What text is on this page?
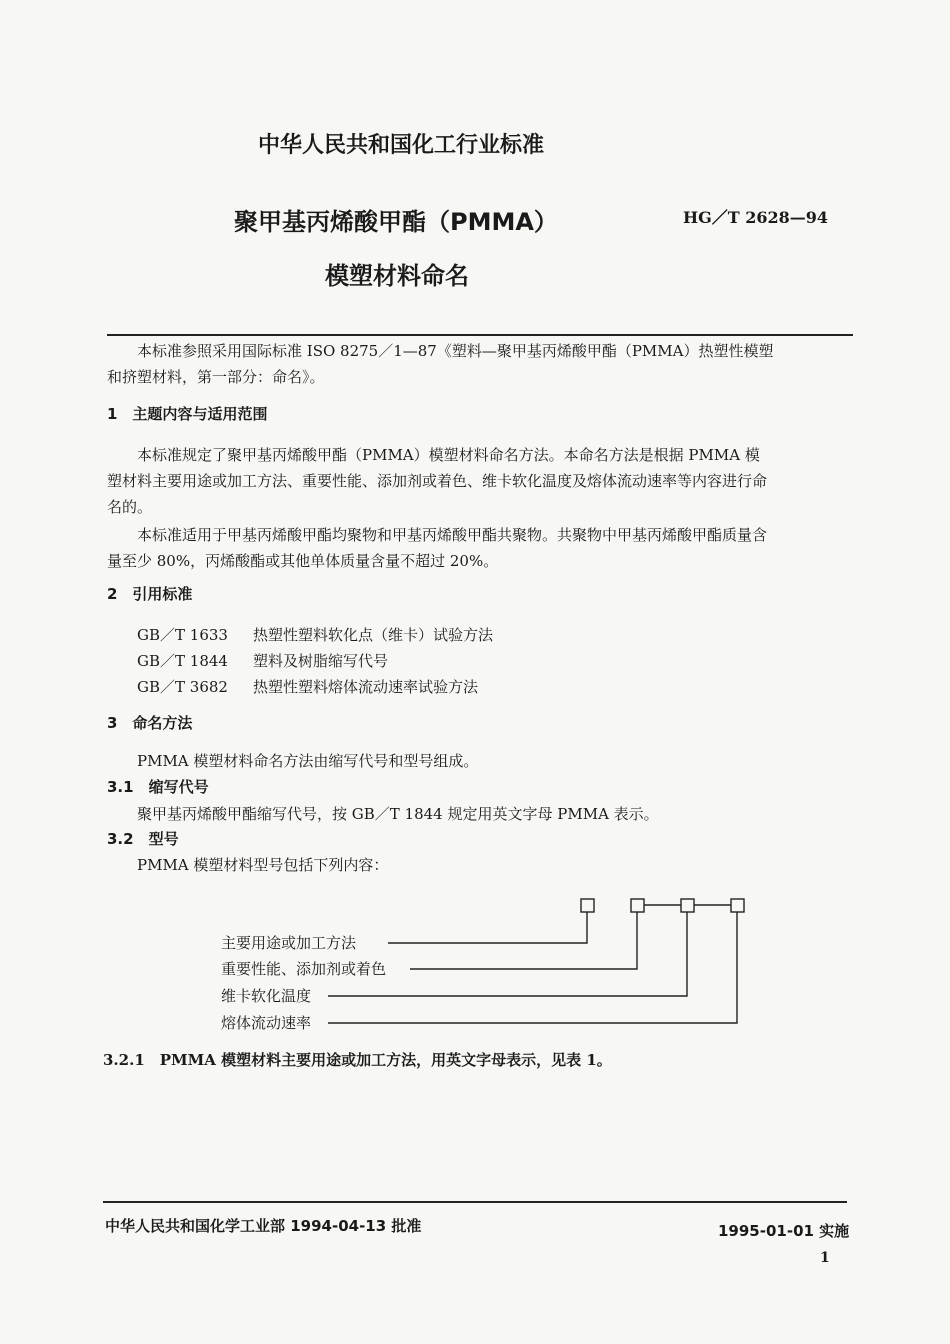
中华人民共和国化工行业标准
聚甲基丙烯酸甲酯（PMMA）
模塑材料命名
HG／T 2628—94
本标准参照采用国际标准 ISO 8275／1—87《塑料—聚甲基丙烯酸甲酯（PMMA）热塑性模塑
和挤塑材料，第一部分：命名》。
1　主题内容与适用范围
本标准规定了聚甲基丙烯酸甲酯（PMMA）模塑材料命名方法。本命名方法是根据 PMMA 模
塑材料主要用途或加工方法、重要性能、添加剂或着色、维卡软化温度及熔体流动速率等内容进行命
名的。
本标准适用于甲基丙烯酸甲酯均聚物和甲基丙烯酸甲酯共聚物。共聚物中甲基丙烯酸甲酯质量含
量至少 80%，丙烯酸酯或其他单体质量含量不超过 20%。
2　引用标准
GB／T 1633 热塑性塑料软化点（维卡）试验方法
GB／T 1844 塑料及树脂缩写代号
GB／T 3682 热塑性塑料熔体流动速率试验方法
3　命名方法
PMMA 模塑材料命名方法由缩写代号和型号组成。
3.1　缩写代号
聚甲基丙烯酸甲酯缩写代号，按 GB／T 1844 规定用英文字母 PMMA 表示。
3.2　型号
PMMA 模塑材料型号包括下列内容：
主要用途或加工方法
重要性能、添加剂或着色
维卡软化温度
熔体流动速率
3.2.1　PMMA 模塑材料主要用途或加工方法，用英文字母表示，见表 1。
中华人民共和国化学工业部 1994-04-13 批准	1995-01-01 实施
1
